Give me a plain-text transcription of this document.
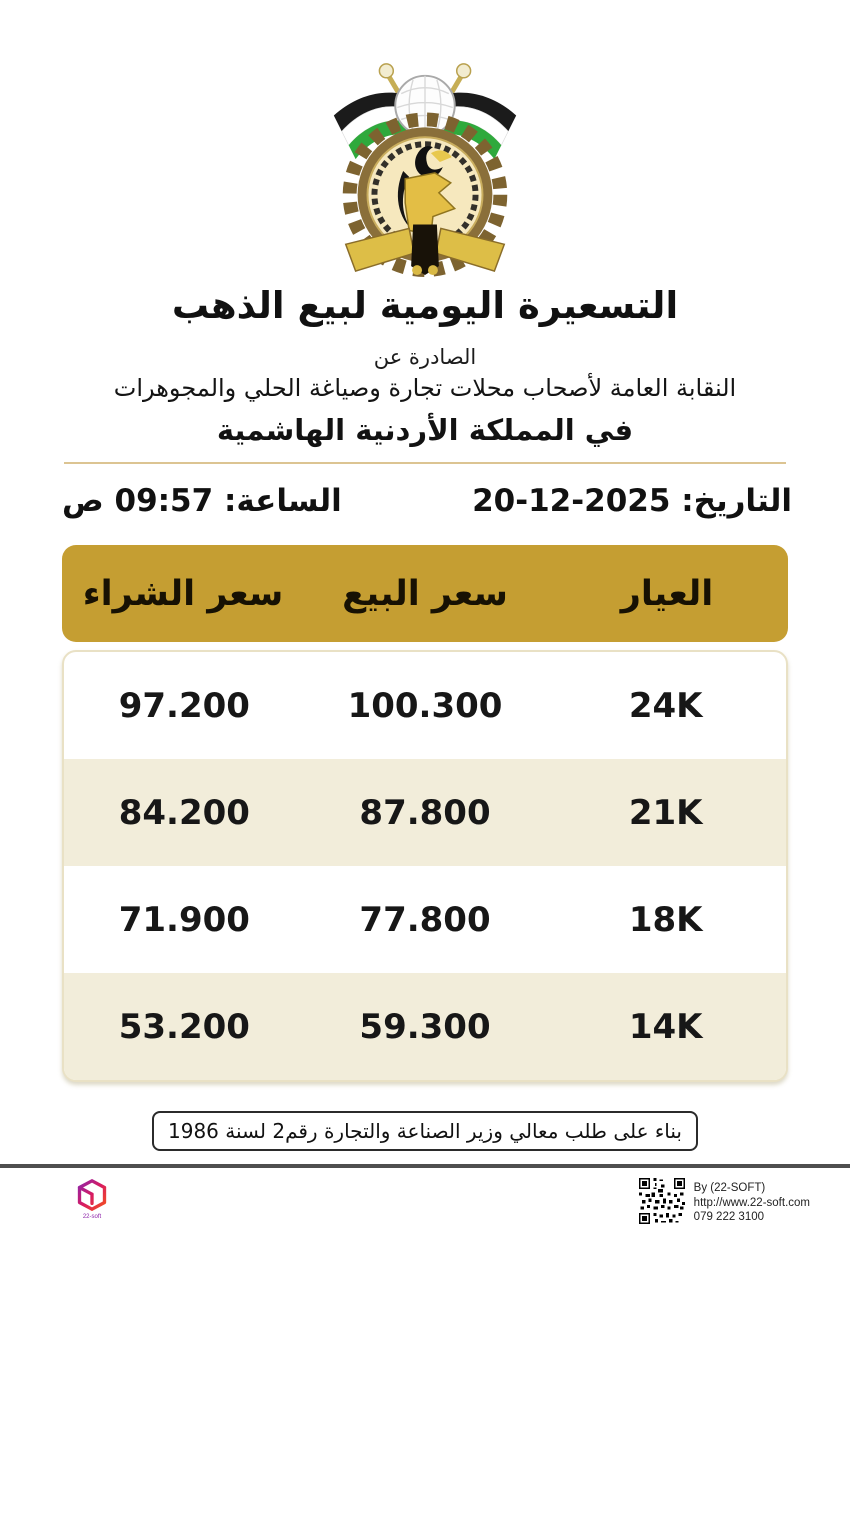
التسعيرة اليومية لبيع الذهب
الصادرة عن
النقابة العامة لأصحاب محلات تجارة وصياغة الحلي والمجوهرات
في المملكة الأردنية الهاشمية
التاريخ: 20-12-2025
الساعة: 09:57 ص
العيار
سعر البيع
سعر الشراء
24K
100.300
97.200
21K
87.800
84.200
18K
77.800
71.900
14K
59.300
53.200
بناء على طلب معالي وزير الصناعة والتجارة رقم2 لسنة 1986
22-soft
By (22-SOFT)
http://www.22-soft.com
079 222 3100
